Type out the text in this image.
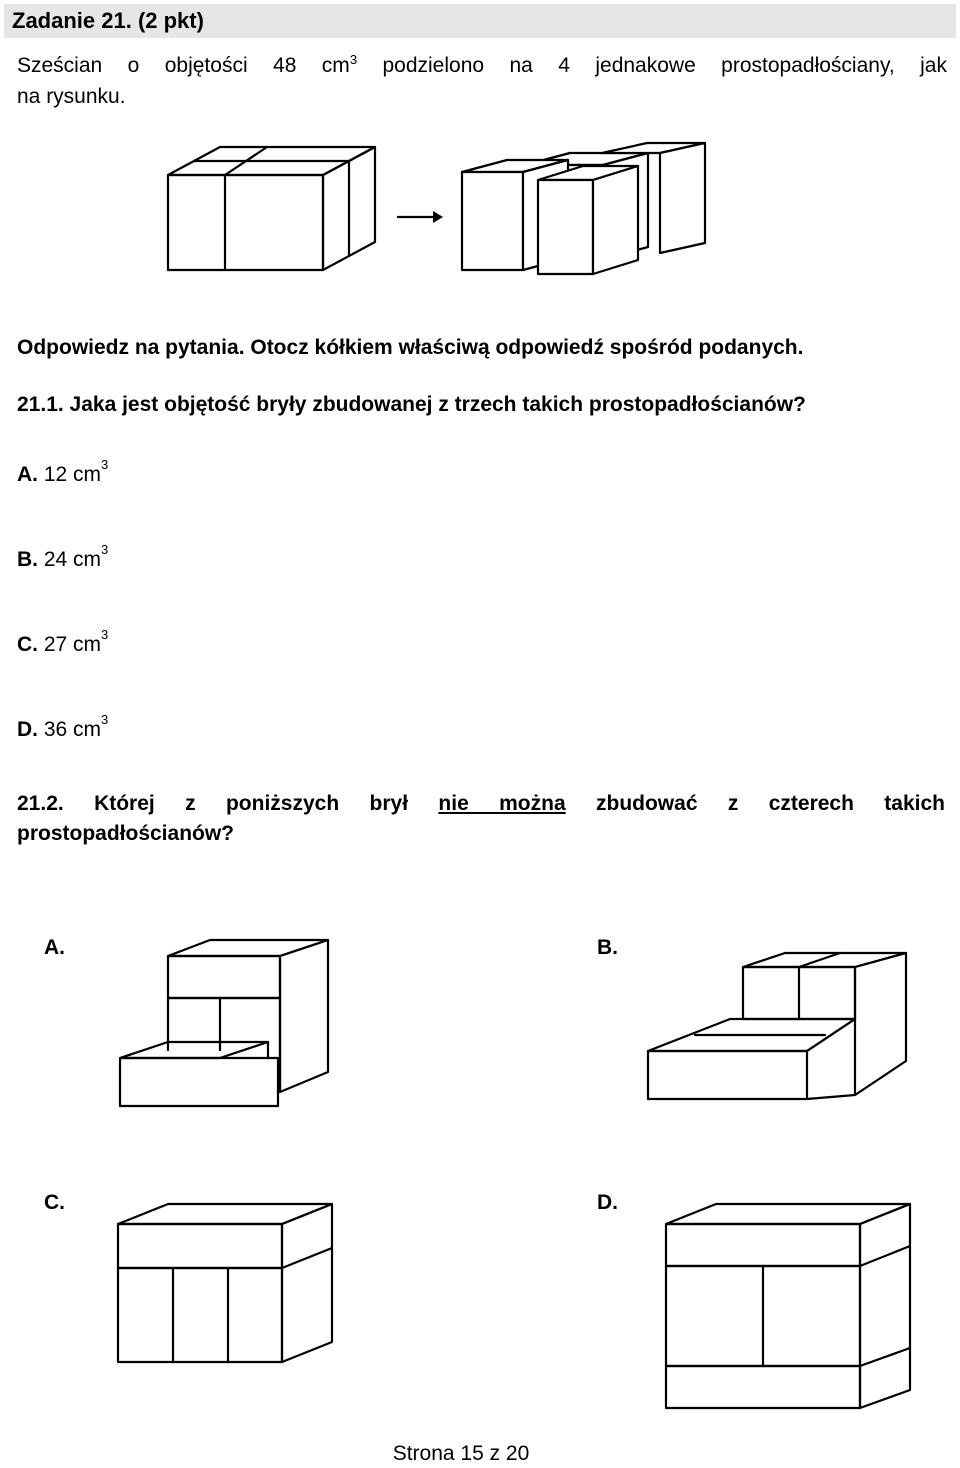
Zadanie 21. (2 pkt)
Sześcian o objętości 48 $cm^3$ podzielono na 4 jednakowe prostopadłościany, jak
na rysunku.
Odpowiedz na pytania. Otocz kółkiem właściwą odpowiedź spośród podanych.
21.1. Jaka jest objętość bryły zbudowanej z trzech takich prostopadłościanów?
A. 12 $cm^3$
B. 24 $cm^3$
C. 27 $cm^3$
D. 36 $cm^3$
21.2. Której z poniższych brył nie można zbudować z czterech takich
prostopadłościanów?
A.	B.
C.	D.
Strona 15 z 20
